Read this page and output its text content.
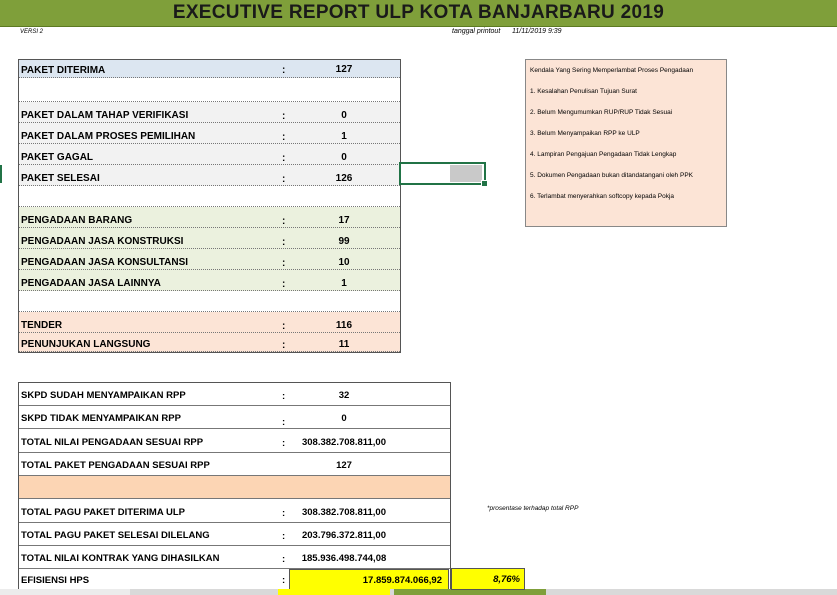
EXECUTIVE REPORT ULP KOTA BANJARBARU 2019
VERSI 2	tanggal printout 11/11/2019 9:39
PAKET DITERIMA	:	127
PAKET DALAM TAHAP VERIFIKASI	:	0
PAKET DALAM PROSES PEMILIHAN	:	1
PAKET GAGAL	:	0
PAKET SELESAI	:	126
PENGADAAN BARANG	:	17
PENGADAAN JASA KONSTRUKSI	:	99
PENGADAAN JASA KONSULTANSI	:	10
PENGADAAN JASA LAINNYA	:	1
TENDER	:	116
PENUNJUKAN LANGSUNG	:	11
Kendala Yang Sering Memperlambat Proses Pengadaan
1. Kesalahan Penulisan Tujuan Surat
2. Belum Mengumumkan RUP/RUP Tidak Sesuai
3. Belum Menyampaikan RPP ke ULP
4. Lampiran Pengajuan Pengadaan Tidak Lengkap
5. Dokumen Pengadaan bukan ditandatangani oleh PPK
6. Terlambat menyerahkan softcopy kepada Pokja
SKPD SUDAH MENYAMPAIKAN RPP	:	32
SKPD TIDAK MENYAMPAIKAN RPP	:	0
TOTAL NILAI PENGADAAN SESUAI RPP	:	308.382.708.811,00
TOTAL PAKET PENGADAAN SESUAI RPP	127
TOTAL PAGU PAKET DITERIMA ULP	:	308.382.708.811,00
TOTAL PAGU PAKET SELESAI DILELANG	:	203.796.372.811,00
TOTAL NILAI KONTRAK YANG DIHASILKAN	:	185.936.498.744,08
EFISIENSI HPS	:	17.859.874.066,92
*prosentase terhadap total RPP
8,76%
